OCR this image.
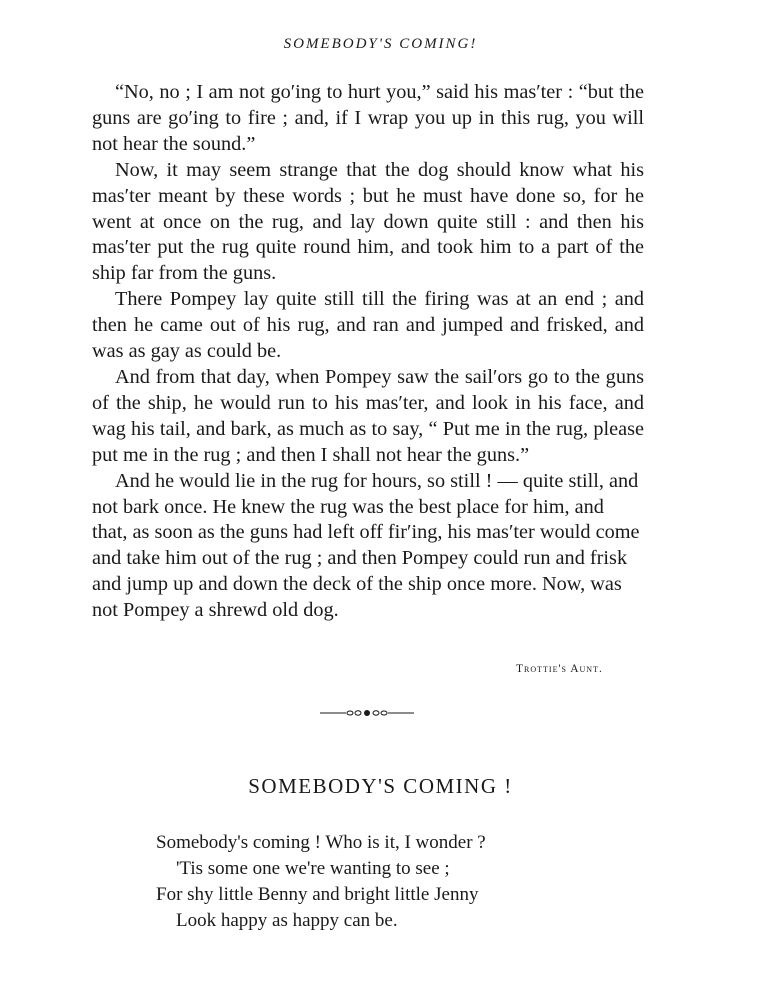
SOMEBODY'S COMING!

“No, no ; I am not go′ing to hurt you,” said his mas′ter : “but the guns are go′ing to fire ; and, if I wrap you up in this rug, you will not hear the sound.”

Now, it may seem strange that the dog should know what his mas′ter meant by these words ; but he must have done so, for he went at once on the rug, and lay down quite still : and then his mas′ter put the rug quite round him, and took him to a part of the ship far from the guns.

There Pompey lay quite still till the firing was at an end ; and then he came out of his rug, and ran and jumped and frisked, and was as gay as could be.

And from that day, when Pompey saw the sail′ors go to the guns of the ship, he would run to his mas′ter, and look in his face, and wag his tail, and bark, as much as to say, “ Put me in the rug, please put me in the rug ; and then I shall not hear the guns.”

And he would lie in the rug for hours, so still ! — quite still, and not bark once. He knew the rug was the best place for him, and that, as soon as the guns had left off fir′ing, his mas′ter would come and take him out of the rug ; and then Pompey could run and frisk and jump up and down the deck of the ship once more. Now, was not Pompey a shrewd old dog.

Trottie's Aunt.
SOMEBODY'S COMING !
Somebody's coming ! Who is it, I wonder ?
'Tis some one we're wanting to see ;
For shy little Benny and bright little Jenny
Look happy as happy can be.
